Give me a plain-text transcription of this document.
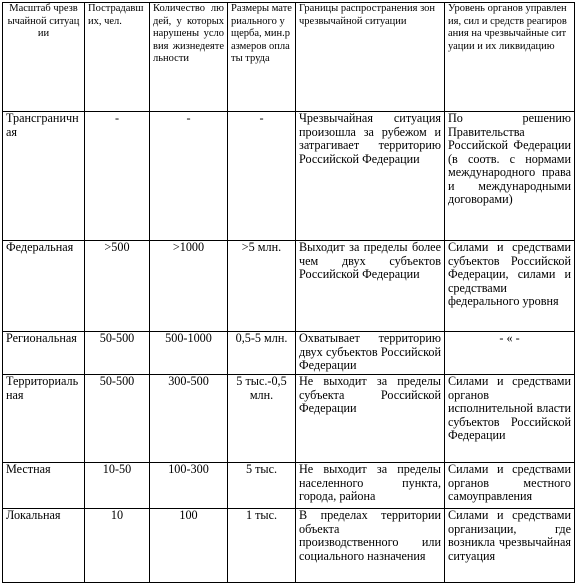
Масштаб чрезвычайной ситуации	Пострадавших, чел.	Количество людей, у которых нарушены условия жизнедеятельности	Размеры материального ущерба, мин.размеров оплаты труда	Границы распространения зон чрезвычайной ситуации	Уровень органов управления, сил и средств реагирования на чрезвычайные ситуации и их ликвидацию
Трансграничная	-	-	-	Чрезвычайная ситуация произошла за рубежом и затрагивает территорию Российской Федерации	По решению Правительства Российской Федерации (в соотв. с нормами международного права и международными договорами)
Федеральная	>500	>1000	>5 млн.	Выходит за пределы более чем двух субъектов Российской Федерации	Силами и средствами субъектов Российской Федерации, силами и средствами федерального уровня
Региональная	50-500	500-1000	0,5-5 млн.	Охватывает территорию двух субъектов Российской Федерации	- « -
Территориальная	50-500	300-500	5 тыс.-0,5 млн.	Не выходит за пределы субъекта Российской Федерации	Силами и средствами органов исполнительной власти субъектов Российской Федерации
Местная	10-50	100-300	5 тыс.	Не выходит за пределы населенного пункта, города, района	Силами и средствами органов местного самоуправления
Локальная	10	100	1 тыс.	В пределах территории объекта производственного или социального назначения	Силами и средствами организации, где возникла чрезвычайная ситуация
